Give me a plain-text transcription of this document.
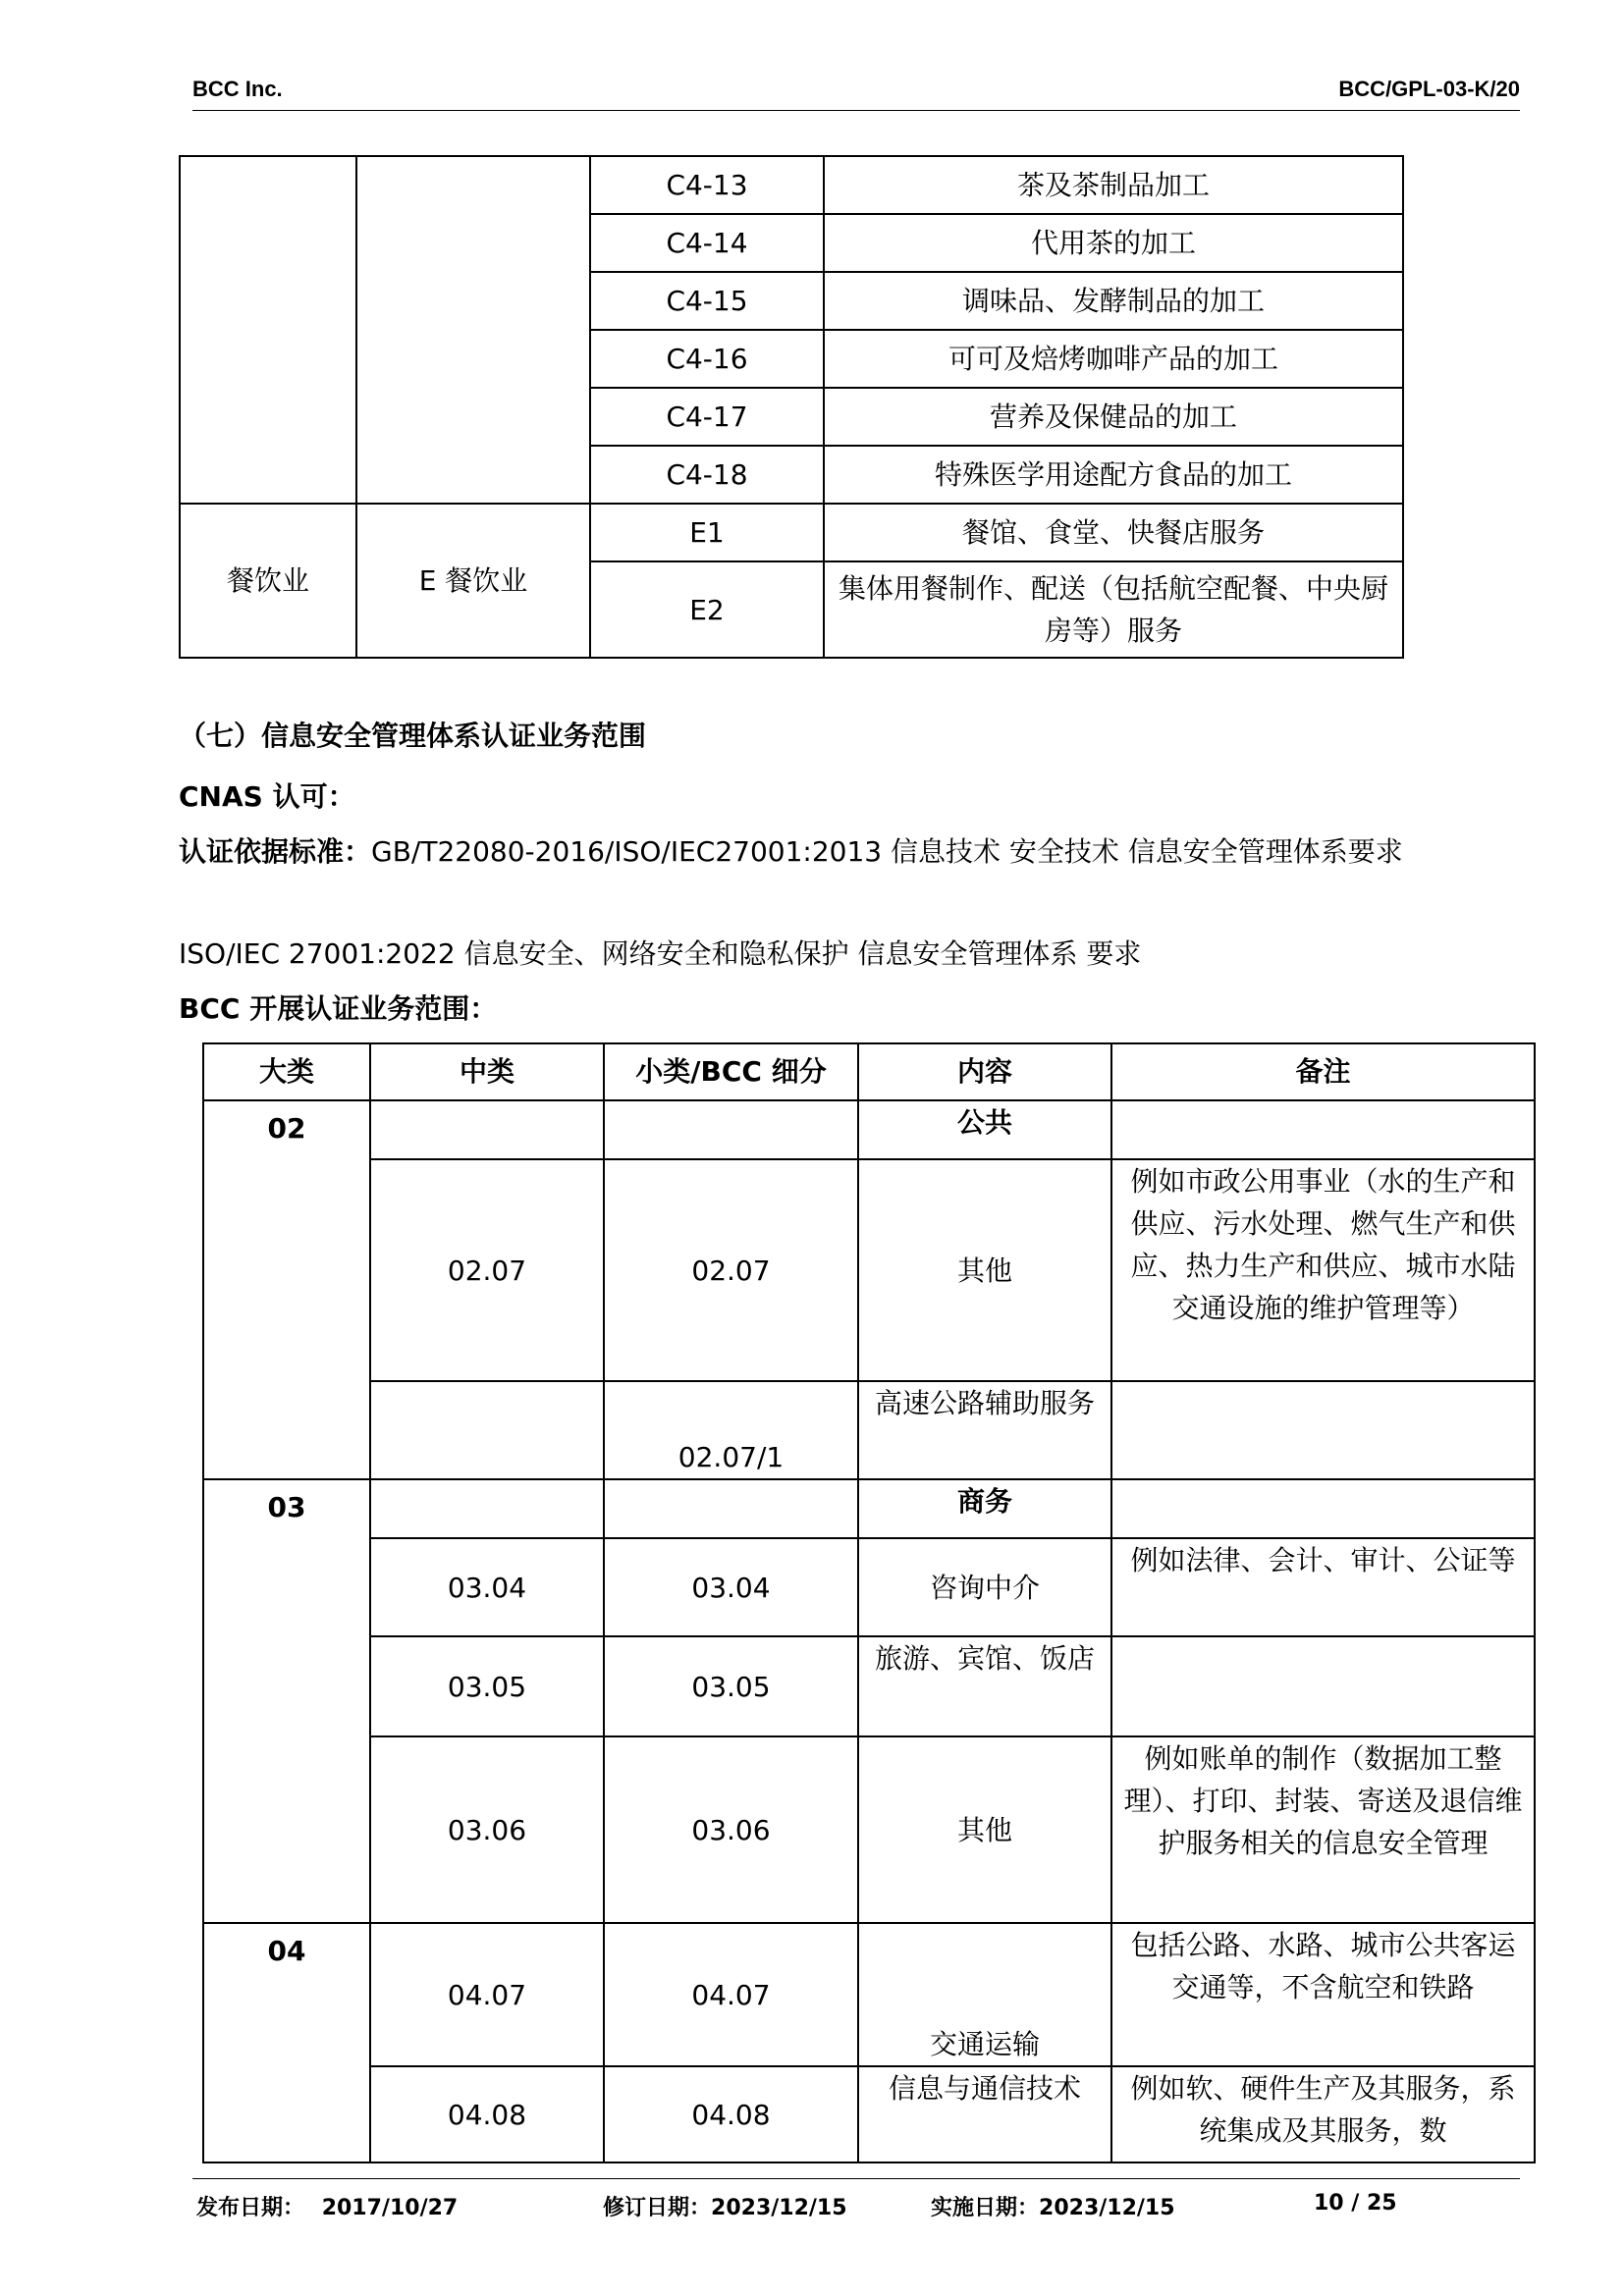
BCC Inc.	BCC/GPL-03-K/20
		C4-13	茶及茶制品加工
		C4-14	代用茶的加工
		C4-15	调味品、发酵制品的加工
		C4-16	可可及焙烤咖啡产品的加工
		C4-17	营养及保健品的加工
		C4-18	特殊医学用途配方食品的加工
餐饮业	E 餐饮业	E1	餐馆、食堂、快餐店服务
		E2	集体用餐制作、配送（包括航空配餐、中央厨房等）服务
（七）信息安全管理体系认证业务范围
CNAS 认可：
认证依据标准：GB/T22080-2016/ISO/IEC27001:2013 信息技术 安全技术 信息安全管理体系要求
ISO/IEC 27001:2022 信息安全、网络安全和隐私保护 信息安全管理体系 要求
BCC 开展认证业务范围：
大类	中类	小类/BCC 细分	内容	备注
02			公共	
	02.07	02.07	其他	例如市政公用事业（水的生产和供应、污水处理、燃气生产和供应、热力生产和供应、城市水陆交通设施的维护管理等）
		02.07/1	高速公路辅助服务	
03			商务	
	03.04	03.04	咨询中介	例如法律、会计、审计、公证等
	03.05	03.05	旅游、宾馆、饭店	
	03.06	03.06	其他	例如账单的制作（数据加工整理）、打印、封装、寄送及退信维护服务相关的信息安全管理
04	04.07	04.07	交通运输	包括公路、水路、城市公共客运交通等，不含航空和铁路
	04.08	04.08	信息与通信技术	例如软、硬件生产及其服务，系统集成及其服务，数
发布日期： 2017/10/27	修订日期：2023/12/15	实施日期：2023/12/15	10 / 25
